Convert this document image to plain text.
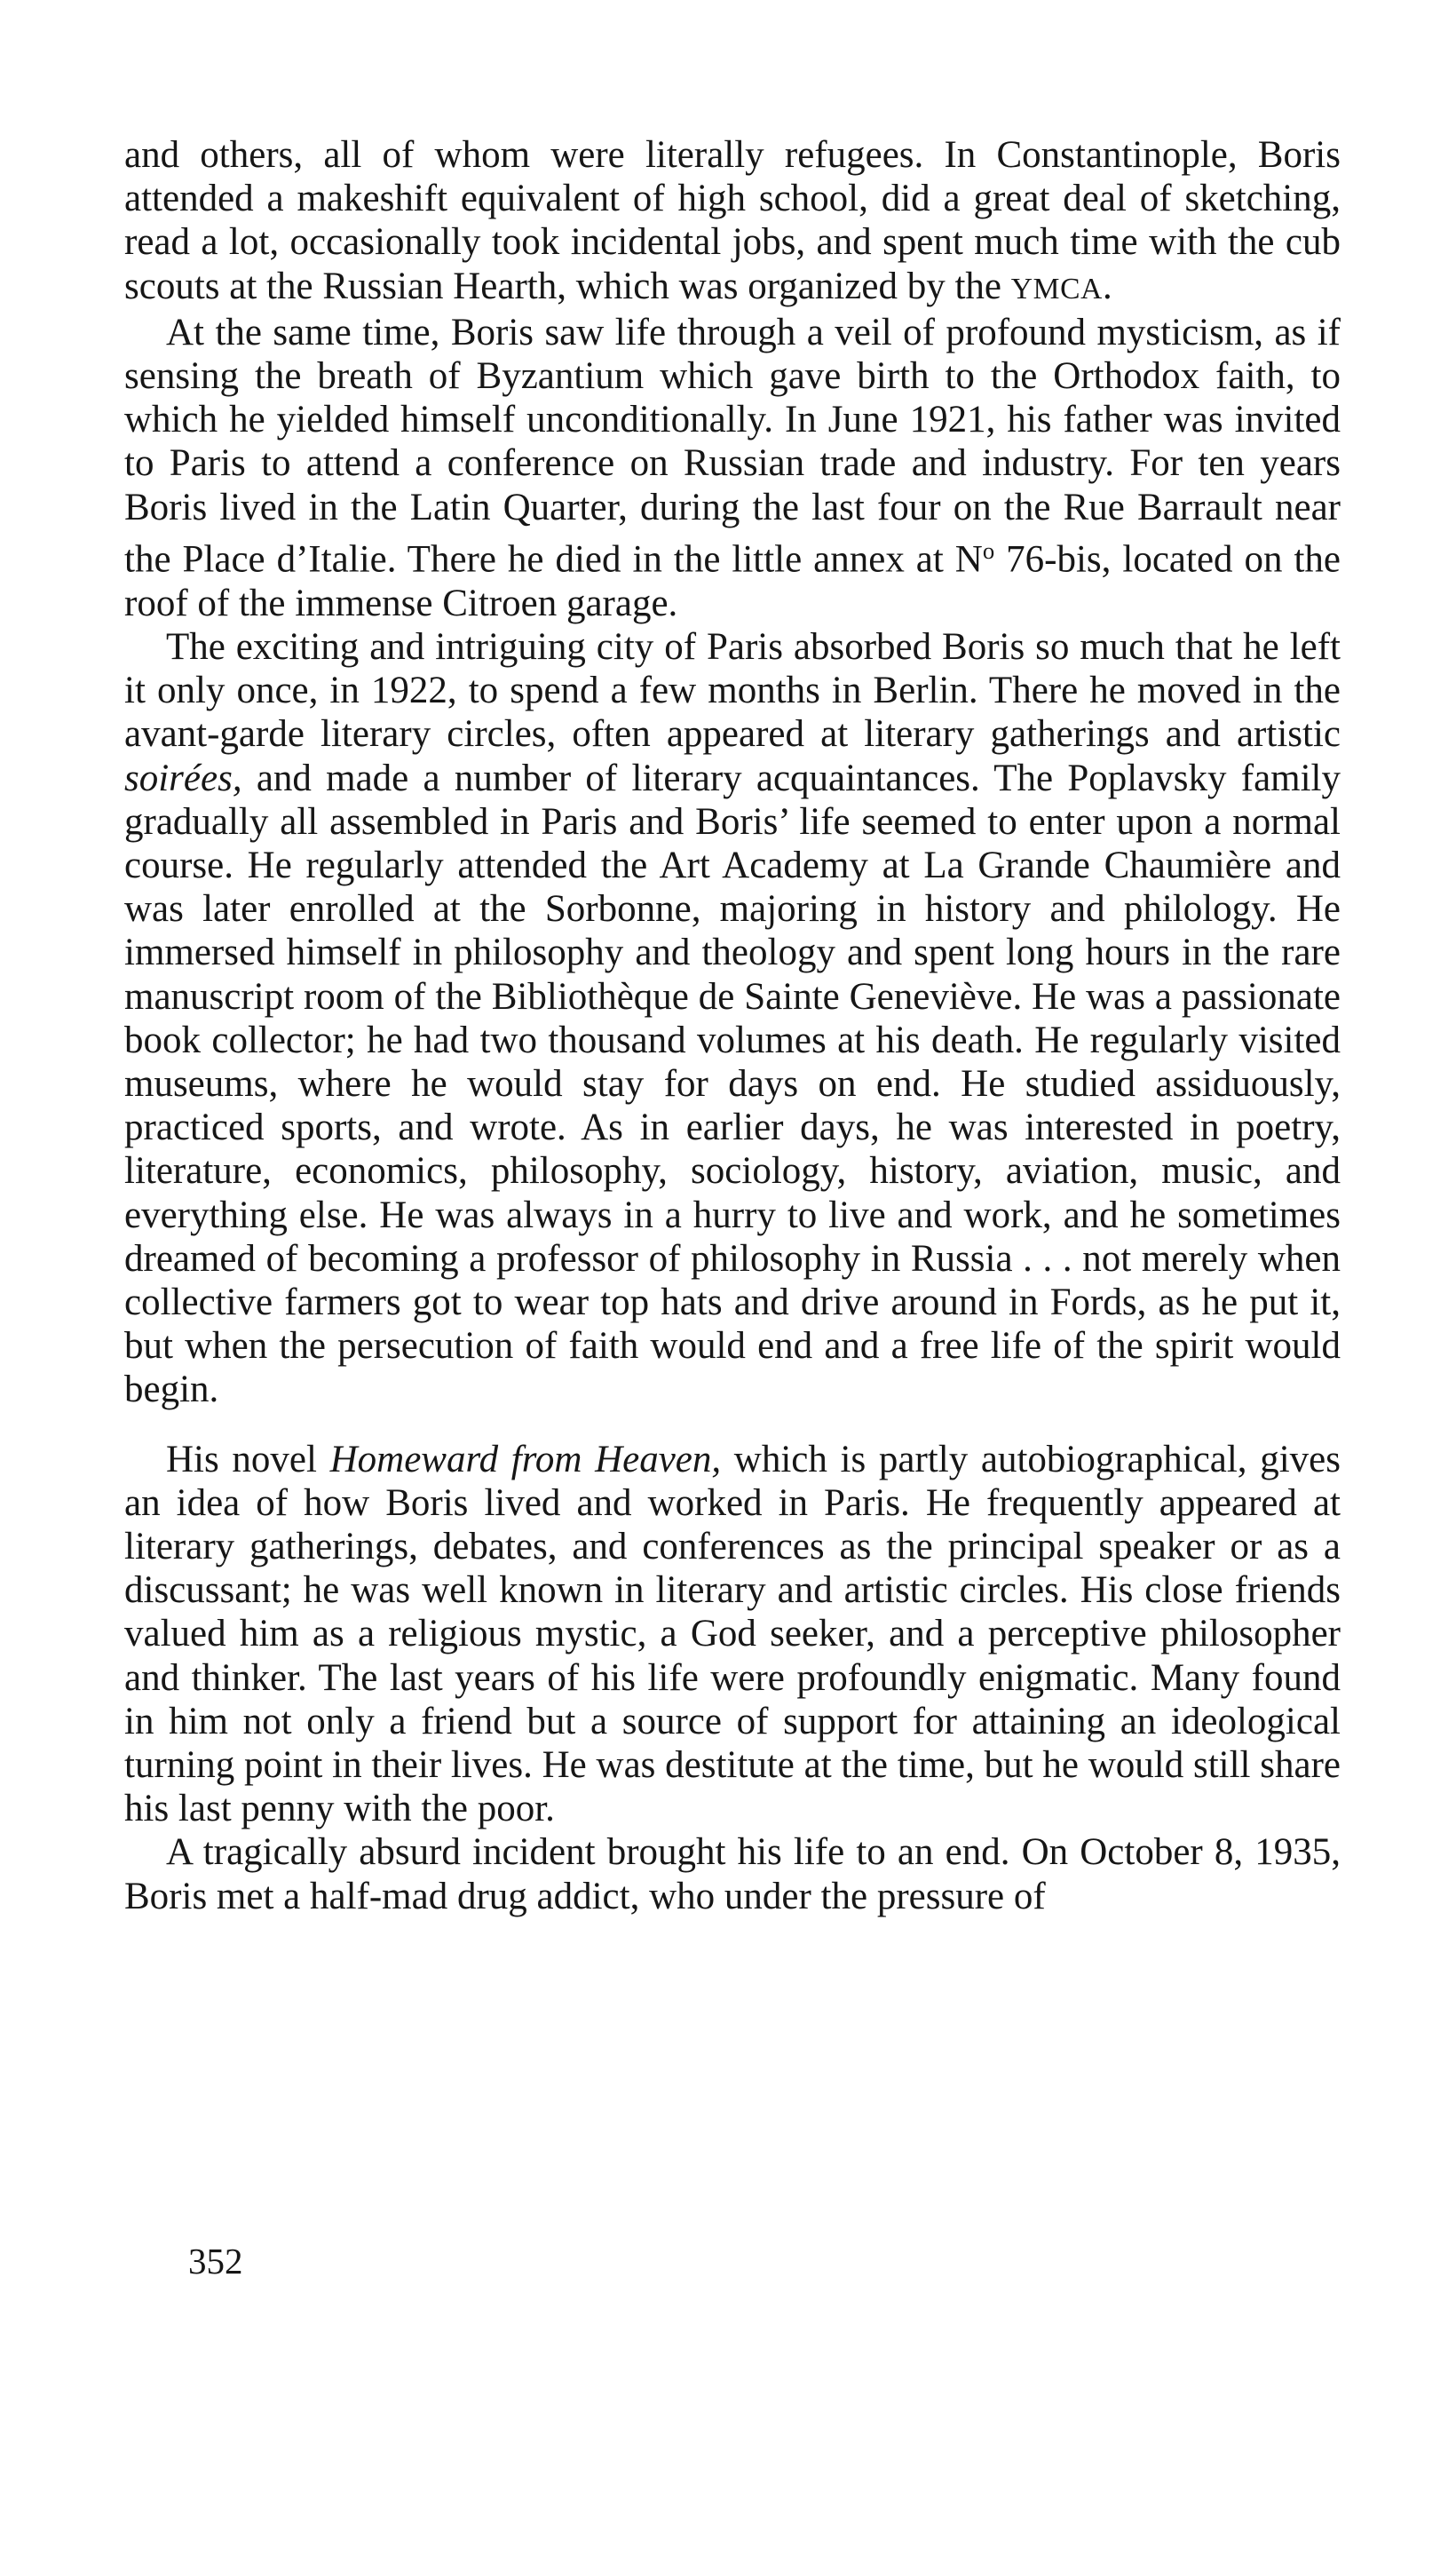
and others, all of whom were literally refugees. In Constantinople, Boris attended a makeshift equivalent of high school, did a great deal of sketching, read a lot, occasionally took incidental jobs, and spent much time with the cub scouts at the Russian Hearth, which was organized by the YMCA.

At the same time, Boris saw life through a veil of profound mysticism, as if sensing the breath of Byzantium which gave birth to the Orthodox faith, to which he yielded himself unconditionally. In June 1921, his father was invited to Paris to attend a conference on Russian trade and industry. For ten years Boris lived in the Latin Quarter, during the last four on the Rue Barrault near the Place d’Italie. There he died in the little annex at $N^o$ 76-bis, located on the roof of the immense Citroen garage.

The exciting and intriguing city of Paris absorbed Boris so much that he left it only once, in 1922, to spend a few months in Berlin. There he moved in the avant-garde literary circles, often appeared at literary gatherings and artistic soirées, and made a number of literary acquaintances. The Poplavsky family gradually all assembled in Paris and Boris’ life seemed to enter upon a normal course. He regularly attended the Art Academy at La Grande Chaumière and was later enrolled at the Sorbonne, majoring in history and philology. He immersed himself in philosophy and theology and spent long hours in the rare manuscript room of the Bibliothèque de Sainte Geneviève. He was a passionate book collector; he had two thousand volumes at his death. He regularly visited museums, where he would stay for days on end. He studied assiduously, practiced sports, and wrote. As in earlier days, he was interested in poetry, literature, economics, philosophy, sociology, history, aviation, music, and everything else. He was always in a hurry to live and work, and he sometimes dreamed of becoming a professor of philosophy in Russia . . . not merely when collective farmers got to wear top hats and drive around in Fords, as he put it, but when the persecution of faith would end and a free life of the spirit would begin.

His novel Homeward from Heaven, which is partly autobiographical, gives an idea of how Boris lived and worked in Paris. He frequently appeared at literary gatherings, debates, and conferences as the principal speaker or as a discussant; he was well known in literary and artistic circles. His close friends valued him as a religious mystic, a God seeker, and a perceptive philosopher and thinker. The last years of his life were profoundly enigmatic. Many found in him not only a friend but a source of support for attaining an ideological turning point in their lives. He was destitute at the time, but he would still share his last penny with the poor.

A tragically absurd incident brought his life to an end. On October 8, 1935, Boris met a half-mad drug addict, who under the pressure of

352
